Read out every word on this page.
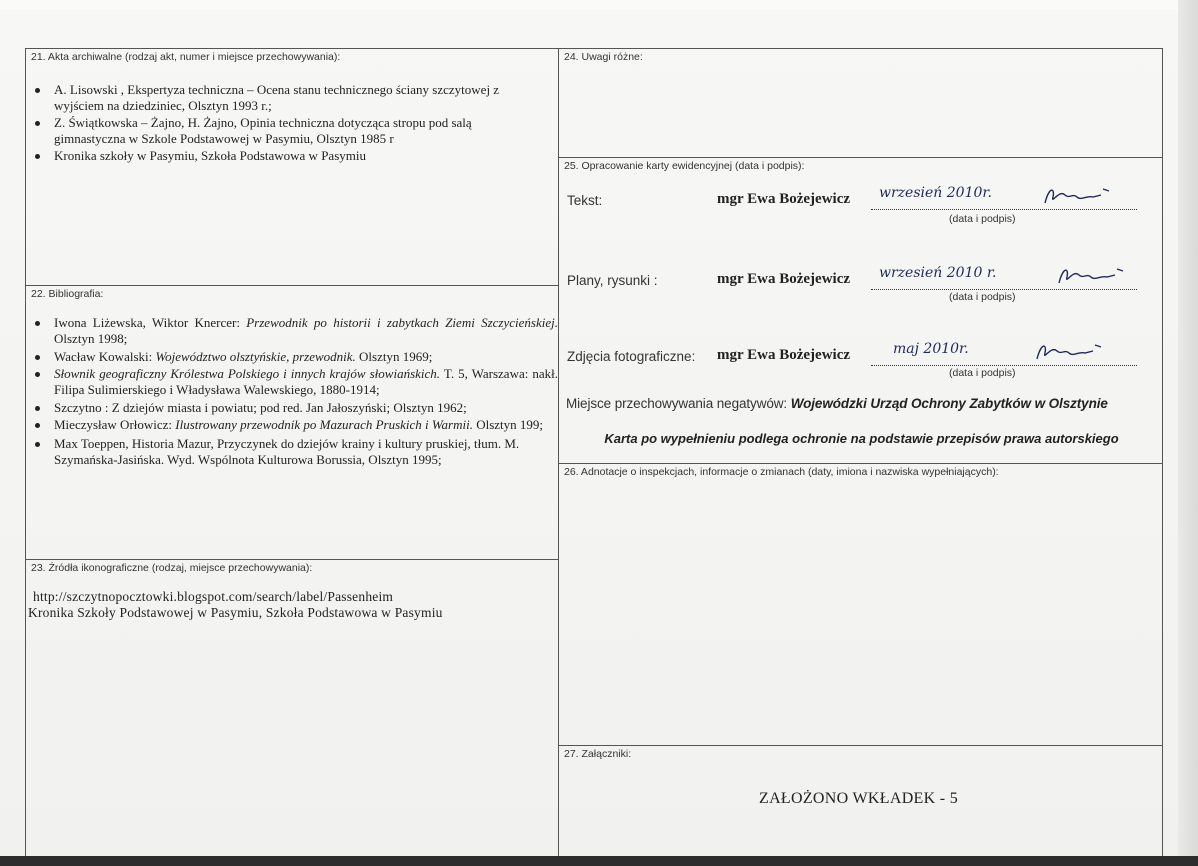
21. Akta archiwalne (rodzaj akt, numer i miejsce przechowywania):
A. Lisowski , Ekspertyza techniczna – Ocena stanu technicznego ściany szczytowej z wyjściem na dziedziniec, Olsztyn 1993 r.;
Z. Świątkowska – Żajno, H. Żajno, Opinia techniczna dotycząca stropu pod salą gimnastyczna w Szkole Podstawowej w Pasymiu, Olsztyn 1985 r
Kronika szkoły w Pasymiu, Szkoła Podstawowa w Pasymiu
22. Bibliografia:
Iwona Liżewska, Wiktor Knercer: Przewodnik po historii i zabytkach Ziemi Szczycieńskiej. Olsztyn 1998;
Wacław Kowalski: Województwo olsztyńskie, przewodnik. Olsztyn 1969;
Słownik geograficzny Królestwa Polskiego i innych krajów słowiańskich. T. 5, Warszawa: nakł. Filipa Sulimierskiego i Władysława Walewskiego, 1880-1914;
Szczytno : Z dziejów miasta i powiatu; pod red. Jan Jałoszyński; Olsztyn 1962;
Mieczysław Orłowicz: Ilustrowany przewodnik po Mazurach Pruskich i Warmii. Olsztyn 199;
Max Toeppen, Historia Mazur, Przyczynek do dziejów krainy i kultury pruskiej, tłum. M. Szymańska-Jasińska. Wyd. Wspólnota Kulturowa Borussia, Olsztyn 1995;
23. Źródła ikonograficzne (rodzaj, miejsce przechowywania):
http://szczytnopocztowki.blogspot.com/search/label/Passenheim
Kronika Szkoły Podstawowej w Pasymiu, Szkoła Podstawowa w Pasymiu
24. Uwagi różne:
25. Opracowanie karty ewidencyjnej (data i podpis):
Tekst:	mgr Ewa Bożejewicz wrzesień 2010r.
(data i podpis)
Plany, rysunki :	mgr Ewa Bożejewicz wrzesień 2010 r.
(data i podpis)
Zdjęcia fotograficzne: mgr Ewa Bożejewicz	maj 2010r.
(data i podpis)
Miejsce przechowywania negatywów: Wojewódzki Urząd Ochrony Zabytków w Olsztynie
Karta po wypełnieniu podlega ochronie na podstawie przepisów prawa autorskiego
26. Adnotacje o inspekcjach, informacje o zmianach (daty, imiona i nazwiska wypełniających):
27. Załączniki:
ZAŁOŻONO WKŁADEK - 5
